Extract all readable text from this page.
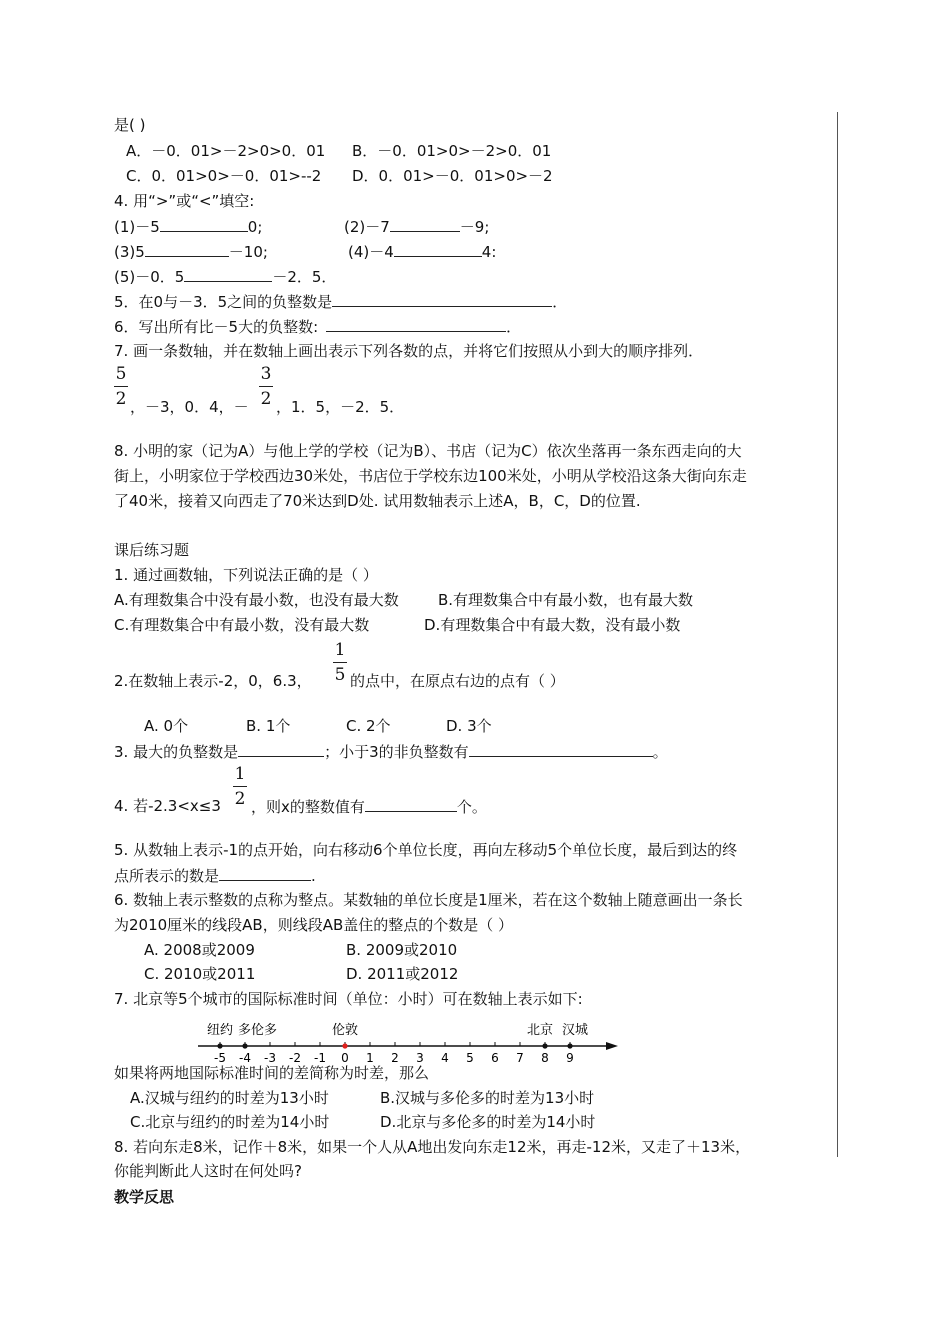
是( )
A．－0．01>－2>0>0．01 B．－0．01>0>－2>0．01
C．0．01>0>－0．01>--2 D．0．01>－0．01>0>－2
4. 用“>”或“<”填空:
(1)－5	0;	(2)－7	－9;
(3)5	－10;	(4)－4	4:
(5)－0．5	－2．5．
5．在0与－3．5之间的负整数是	．
6．写出所有比－5大的负整数:	．
7. 画一条数轴，并在数轴上画出表示下列各数的点，并将它们按照从小到大的顺序排列．
5
2 ，－3，0．4，－
3
2 ，1．5，－2．5．
8. 小明的家（记为A）与他上学的学校（记为B）、书店（记为C）依次坐落再一条东西走向的大
街上，小明家位于学校西边30米处，书店位于学校东边100米处，小明从学校沿这条大街向东走
了40米，接着又向西走了70米达到D处. 试用数轴表示上述A，B，C，D的位置.
课后练习题
1. 通过画数轴，下列说法正确的是（ ）
A.有理数集合中没有最小数，也没有最大数	B.有理数集合中有最小数，也有最大数
C.有理数集合中有最小数，没有最大数	D.有理数集合中有最大数，没有最小数
2.在数轴上表示-2，0，6.3，
1
5 的点中，在原点右边的点有（ ）
A. 0个	B. 1个	C. 2个	D. 3个
3. 最大的负整数是	；小于3的非负整数有	。
4. 若-2.3<x≤3
1
2 ，则x的整数值有	个。
5. 从数轴上表示-1的点开始，向右移动6个单位长度，再向左移动5个单位长度，最后到达的终
点所表示的数是	.
6. 数轴上表示整数的点称为整点。某数轴的单位长度是1厘米，若在这个数轴上随意画出一条长
为2010厘米的线段AB，则线段AB盖住的整点的个数是（ ）
A. 2008或2009	B. 2009或2010
C. 2010或2011	D. 2011或2012
7. 北京等5个城市的国际标准时间（单位：小时）可在数轴上表示如下:
-5 -4 -3 -2 -1 0 1 2 3 4 5 6 7 8 9
纽约 多伦多	伦敦	北京 汉城
如果将两地国际标准时间的差简称为时差，那么
A.汉城与纽约的时差为13小时	B.汉城与多伦多的时差为13小时
C.北京与纽约的时差为14小时	D.北京与多伦多的时差为14小时
8. 若向东走8米，记作＋8米，如果一个人从A地出发向东走12米，再走-12米，又走了＋13米，
你能判断此人这时在何处吗?
教学反思
